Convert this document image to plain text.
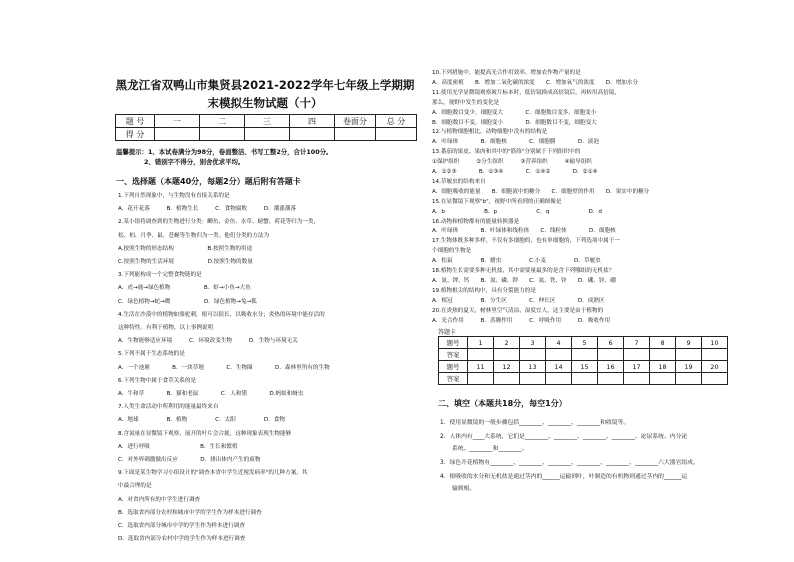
黑龙江省双鸭山市集贤县2021-2022学年七年级上学期期
末模拟生物试题（十）
题 号	一	二	三	四	卷面分	总 分
得 分						
温馨提示：1、本试卷满分为98分，卷面整洁、书写工整2分，合计100分。
2、错别字不得分，别舍优求平均。
一、选择题（本题40分，每题2分）题后附有答题卡
1.下列自然现象中，与生物没有直接关系的是
A．花开花落　　　B．植物生长　　　C．食物腐败　　　D．潮涨潮落
2.某小组将调查到的生物进行分类：鲫鱼、金鱼、水草、螃蟹、荷花等归为一类，
松、柏、月季、鼠、苍蝇等生物归为一类。他们分类的方法为
A.按照生物的形态结构　　　　　　B.按照生物的用途
C.按照生物的生活环境　　　　　　D.按照生物的数量
3.下列能构成一个完整食物链的是
A．虎→鹿→绿色植物　　　　　　B．虾→小鱼→大鱼
C．绿色植物→蛇→鹰　　　　　　D．绿色植物→兔→狐
4.生活在沙漠中的植物如骆驼刺，根可以很长，以吸收水分；炎热的环境中能存活的
这种特性。有利于植物，以上事例说明
A．生物能够适应环境　　　C．环境改变生物　　　D．生物与环境无关
5.下列不属于生态系统的是
A．一个池塘　　　　B．一块草地　　　　C．生物圈　　　　D．森林里所有的生物
6.下列生物中属于食草关系的是
A．牛和草　　　　B．猫和老鼠　　　　C．人和猪　　　　D.蚂蚁和蚜虫
7.人类生命活动中所利用的能量最终来自
A．地球　　　　　B．植物　　　　　C．太阳　　　　　D．食物
8.含氮量在显微镜下观察，展开的叶片会合拢，这种现象表现生物能够
A．进行呼吸　　　　　　　　　B．生长和繁殖
C．对外界刺激做出反应　　　　D．排出体内产生的废物
9.下面是某生物学习小组设计的"调查本省中学生近视发病率"的几种方案，其
中最合理的是
A．对省内所有的中学生进行调查
B．选取省内部分农村和城市中学的学生作为样本进行调查
C．选取省内部分城市中学的学生作为样本进行调查
D．选取省内部分农村中学的学生作为样本进行调查
10.下列措施中，能提高光合作用效率、增加农作物产量的是
A．高度密植　　B．增加二氧化碳的浓度　　C．增加氧气的浓度　　D．增加水分
11.使用光学显微镜观察玻片标本时，低倍镜换成高倍镜后，再转用高倍镜，
那么，视野中发生的变化是
A．细胞数目变少，细胞变大　　　　C．细胞数目变多，细胞变小
B．细胞数目不变，细胞变小　　　　D．细胞数目不变，细胞变大
12.与植物细胞相比，动物细胞中没有的结构是
A．叶绿体　　　　B．细胞核　　　　C．细胞膜　　　　D．液泡
13.番茄的果皮、果肉和其中的"筋络"分别属于下列组织中的
①保护组织　　　②分生组织　　　③营养组织　　　④输导组织
A．①②③　　　　B．①③④　　　　C．①④②　　　　D．②①④
14.草履虫的结构来自
A．细胞吸收的能量　　B．细胞液中的糖分　　C．细胞壁的作用　　D．果实中的糖分
15.在显微镜下观察"b"，视野中所看到的正确图像是
A．b　　　　　　　B．p　　　　　　　C．q　　　　　　　D．d
16.动物和植物都有的能量转换器是
A．叶绿体　　　　B．叶绿体和线粒体　　C．线粒体　　　　D．细胞核
17.生物体既多种多样，不仅有多细胞的，也有单细胞的，下列选项中属于一
个细胞的生物是
A．松鼠　　　　　B．蜡虫　　　　　C.小麦　　　　　D．草履虫
18.植物生长需要多种无机盐，其中需要量最多的是含下列哪组的无机盐？
A．氮、钾、钙　　B．氮、磷、钾　　C．氮、铁、锌　　D．硼、锌、硼
19.植物根尖的结构中，具有分裂能力的是
A．根冠　　　　　B．分生区　　　　C．伸长区　　　　D．成熟区
20.在炎热的夏天，树林里空气清凉，湿度宜人，这主要是由于植物的
A．光合作用　　　B．蒸腾作用　　　C．呼吸作用　　　D．吸收作用
答题卡
题号	1	2	3	4	5	6	7	8	9	10
答案										
题号	11	12	13	14	15	16	17	18	19	20
答案										
二、填空（本题共18分，每空1分）
1．使用显微镜的一般步骤包括________、________、________和收镜等。
2．人体内有____大系统，它们是________、________、________、________、泌尿系统、内分泌
系统、________和________。
3．绿色开花植物有________、________、________、________、________、________六大器官组成。
4．根吸收的水分和无机盐是通过茎内的______运输到叶，叶制造的有机物则通过茎内的______运
输到根。
